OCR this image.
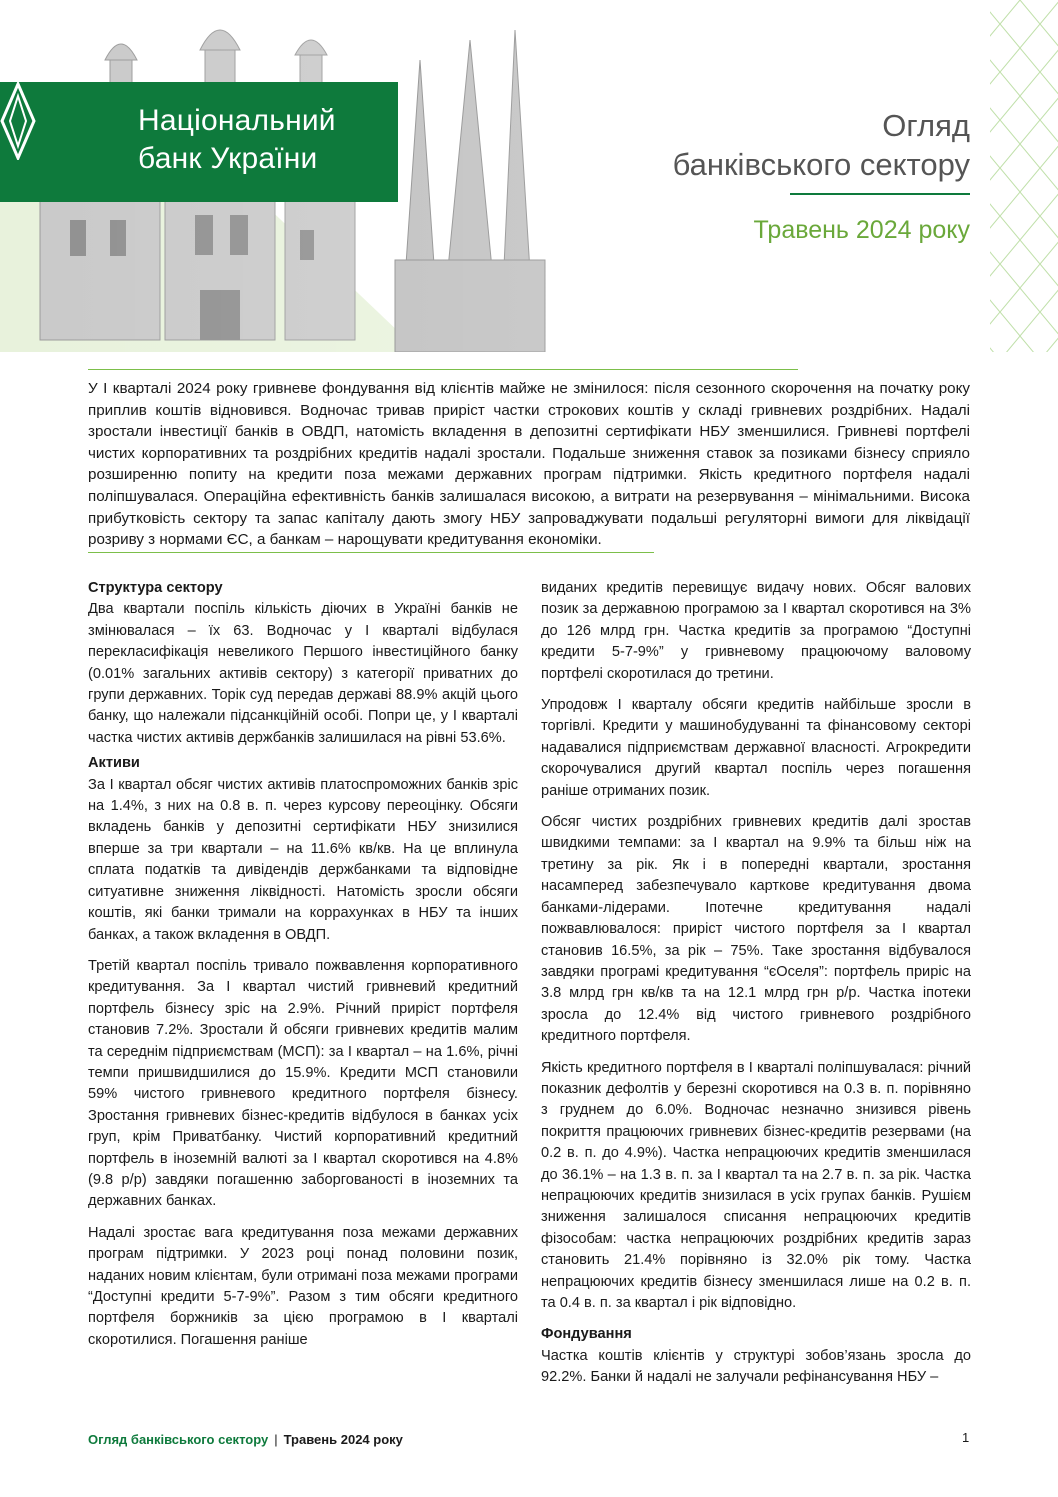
Національний
банк України
Огляд
банківського сектору
Травень 2024 року
У І кварталі 2024 року гривневе фондування від клієнтів майже не змінилося: після сезонного скорочення на початку року приплив коштів відновився. Водночас тривав приріст частки строкових коштів у складі гривневих роздрібних. Надалі зростали інвестиції банків в ОВДП, натомість вкладення в депозитні сертифікати НБУ зменшилися. Гривневі портфелі чистих корпоративних та роздрібних кредитів надалі зростали. Подальше зниження ставок за позиками бізнесу сприяло розширенню попиту на кредити поза межами державних програм підтримки. Якість кредитного портфеля надалі поліпшувалася. Операційна ефективність банків залишалася високою, а витрати на резервування – мінімальними. Висока прибутковість сектору та запас капіталу дають змогу НБУ запроваджувати подальші регуляторні вимоги для ліквідації розриву з нормами ЄС, а банкам – нарощувати кредитування економіки.
Структура сектору

Два квартали поспіль кількість діючих в Україні банків не змінювалася – їх 63. Водночас у І кварталі відбулася перекласифікація невеликого Першого інвестиційного банку (0.01% загальних активів сектору) з категорії приватних до групи державних. Торік суд передав державі 88.9% акцій цього банку, що належали підсанкційній особі. Попри це, у І кварталі частка чистих активів держбанків залишилася на рівні 53.6%.

Активи

За І квартал обсяг чистих активів платоспроможних банків зріс на 1.4%, з них на 0.8 в. п. через курсову переоцінку. Обсяги вкладень банків у депозитні сертифікати НБУ знизилися вперше за три квартали – на 11.6% кв/кв. На це вплинула сплата податків та дивідендів держбанками та відповідне ситуативне зниження ліквідності. Натомість зросли обсяги коштів, які банки тримали на коррахунках в НБУ та інших банках, а також вкладення в ОВДП.

Третій квартал поспіль тривало пожвавлення корпоративного кредитування. За І квартал чистий гривневий кредитний портфель бізнесу зріс на 2.9%. Річний приріст портфеля становив 7.2%. Зростали й обсяги гривневих кредитів малим та середнім підприємствам (МСП): за І квартал – на 1.6%, річні темпи пришвидшилися до 15.9%. Кредити МСП становили 59% чистого гривневого кредитного портфеля бізнесу. Зростання гривневих бізнес-кредитів відбулося в банках усіх груп, крім Приватбанку. Чистий корпоративний кредитний портфель в іноземній валюті за І квартал скоротився на 4.8% (9.8 р/р) завдяки погашенню заборгованості в іноземних та державних банках.

Надалі зростає вага кредитування поза межами державних програм підтримки. У 2023 році понад половини позик, наданих новим клієнтам, були отримані поза межами програми “Доступні кредити 5-7-9%”. Разом з тим обсяги кредитного портфеля боржників за цією програмою в І кварталі скоротилися. Погашення раніше

виданих кредитів перевищує видачу нових. Обсяг валових позик за державною програмою за І квартал скоротився на 3% до 126 млрд грн. Частка кредитів за програмою “Доступні кредити 5-7-9%” у гривневому працюючому валовому портфелі скоротилася до третини.

Упродовж І кварталу обсяги кредитів найбільше зросли в торгівлі. Кредити у машинобудуванні та фінансовому секторі надавалися підприємствам державної власності. Агрокредити скорочувалися другий квартал поспіль через погашення раніше отриманих позик.

Обсяг чистих роздрібних гривневих кредитів далі зростав швидкими темпами: за І квартал на 9.9% та більш ніж на третину за рік. Як і в попередні квартали, зростання насамперед забезпечувало карткове кредитування двома банками-лідерами. Іпотечне кредитування надалі пожвавлювалося: приріст чистого портфеля за І квартал становив 16.5%, за рік – 75%. Таке зростання відбувалося завдяки програмі кредитування “єОселя”: портфель приріс на 3.8 млрд грн кв/кв та на 12.1 млрд грн р/р. Частка іпотеки зросла до 12.4% від чистого гривневого роздрібного кредитного портфеля.

Якість кредитного портфеля в І кварталі поліпшувалася: річний показник дефолтів у березні скоротився на 0.3 в. п. порівняно з груднем до 6.0%. Водночас незначно знизився рівень покриття працюючих гривневих бізнес-кредитів резервами (на 0.2 в. п. до 4.9%). Частка непрацюючих кредитів зменшилася до 36.1% – на 1.3 в. п. за І квартал та на 2.7 в. п. за рік. Частка непрацюючих кредитів знизилася в усіх групах банків. Рушієм зниження залишалося списання непрацюючих кредитів фізособам: частка непрацюючих роздрібних кредитів зараз становить 21.4% порівняно із 32.0% рік тому. Частка непрацюючих кредитів бізнесу зменшилася лише на 0.2 в. п. та 0.4 в. п. за квартал і рік відповідно.

Фондування

Частка коштів клієнтів у структурі зобов’язань зросла до 92.2%. Банки й надалі не залучали рефінансування НБУ –

Огляд банківського сектору | Травень 2024 року	1
